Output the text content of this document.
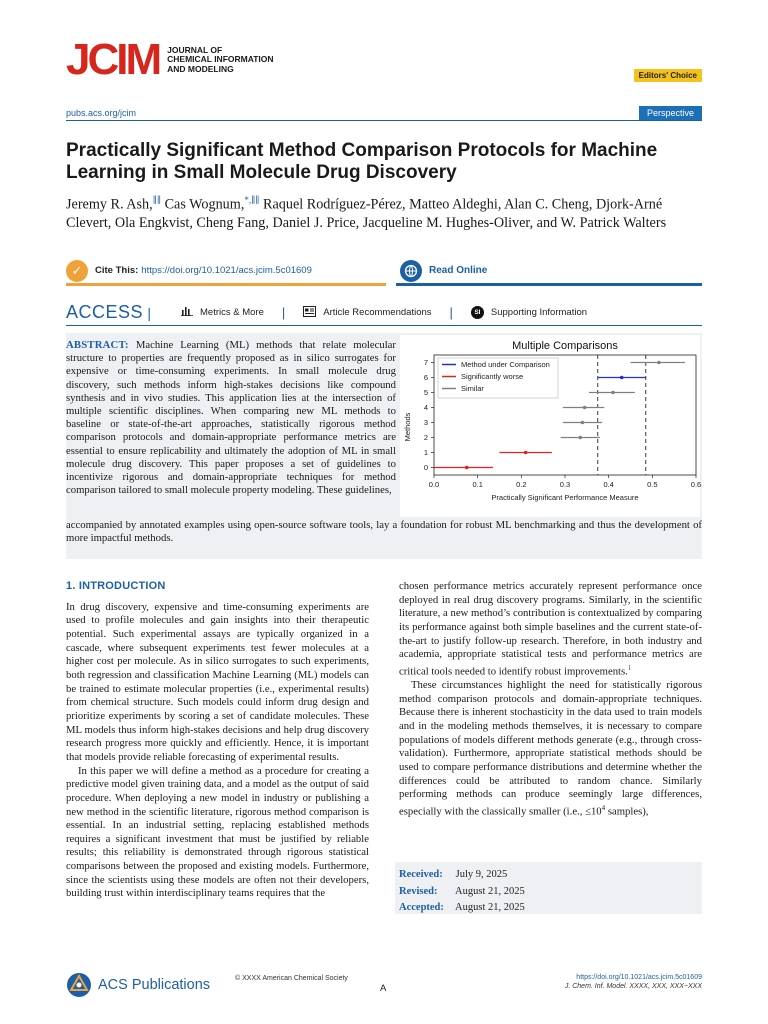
JCIM JOURNAL OF
CHEMICAL INFORMATION
AND MODELING
Editors' Choice
pubs.acs.org/jcim	Perspective
Practically Significant Method Comparison Protocols for Machine Learning in Small Molecule Drug Discovery
Jeremy R. Ash,∥∥ Cas Wognum,*,∥∥ Raquel Rodríguez-Pérez, Matteo Aldeghi, Alan C. Cheng, Djork-Arné Clevert, Ola Engkvist, Cheng Fang, Daniel J. Price, Jacqueline M. Hughes-Oliver, and W. Patrick Walters
✓	Cite This: https://doi.org/10.1021/acs.jcim.5c01609	Read Online
ACCESS |	Metrics & More |	Article Recommendations |	SI	Supporting Information

ABSTRACT: Machine Learning (ML) methods that relate molecular structure to properties are frequently proposed as in silico surrogates for expensive or time-consuming experiments. In small molecule drug discovery, such methods inform high-stakes decisions like compound synthesis and in vivo studies. This application lies at the intersection of multiple scientific disciplines. When comparing new ML methods to baseline or state-of-the-art approaches, statistically rigorous method comparison protocols and domain-appropriate performance metrics are essential to ensure replicability and ultimately the adoption of ML in small molecule drug discovery. This paper proposes a set of guidelines to incentivize rigorous and domain-appropriate techniques for method comparison tailored to small molecule property modeling. These guidelines,

Multiple Comparisons
0.0	0.1	0.2	0.3	0.4	0.5	0.6
0
1
2
3
4
5
6
7
Practically Significant Performance Measure
Methods
Method under Comparison
Significantly worse
Similar

accompanied by annotated examples using open-source software tools, lay a foundation for robust ML benchmarking and thus the development of more impactful methods.

1. INTRODUCTION

In drug discovery, expensive and time-consuming experiments are used to profile molecules and gain insights into their therapeutic potential. Such experimental assays are typically organized in a cascade, where subsequent experiments test fewer molecules at a higher cost per molecule. As in silico surrogates to such experiments, both regression and classification Machine Learning (ML) models can be trained to estimate molecular properties (i.e., experimental results) from chemical structure. Such models could inform drug design and prioritize experiments by scoring a set of candidate molecules. These ML models thus inform high-stakes decisions and help drug discovery research progress more quickly and efficiently. Hence, it is important that models provide reliable forecasting of experimental results.

In this paper we will define a method as a procedure for creating a predictive model given training data, and a model as the output of said procedure. When deploying a new model in industry or publishing a new method in the scientific literature, rigorous method comparison is essential. In an industrial setting, replacing established methods requires a significant investment that must be justified by reliable results; this reliability is demonstrated through rigorous statistical comparisons between the proposed and existing models. Furthermore, since the scientists using these models are often not their developers, building trust within interdisciplinary teams requires that the

chosen performance metrics accurately represent performance once deployed in real drug discovery programs. Similarly, in the scientific literature, a new method’s contribution is contextualized by comparing its performance against both simple baselines and the current state-of-the-art to justify follow-up research. Therefore, in both industry and academia, appropriate statistical tests and performance metrics are critical tools needed to identify robust improvements.$^1$

These circumstances highlight the need for statistically rigorous method comparison protocols and domain-appropriate techniques. Because there is inherent stochasticity in the data used to train models and in the modeling methods themselves, it is necessary to compare populations of models different methods generate (e.g., through cross-validation). Furthermore, appropriate statistical methods should be used to compare performance distributions and determine whether the differences could be attributed to random chance. Similarly performing methods can produce seemingly large differences, especially with the classically smaller (i.e., $\le 10^4$ samples),

Received: July 9, 2025
Revised: August 21, 2025
Accepted: August 21, 2025
ACS Publications	© XXXX American Chemical Society
A
https://doi.org/10.1021/acs.jcim.5c01609
J. Chem. Inf. Model. XXXX, XXX, XXX−XXX
